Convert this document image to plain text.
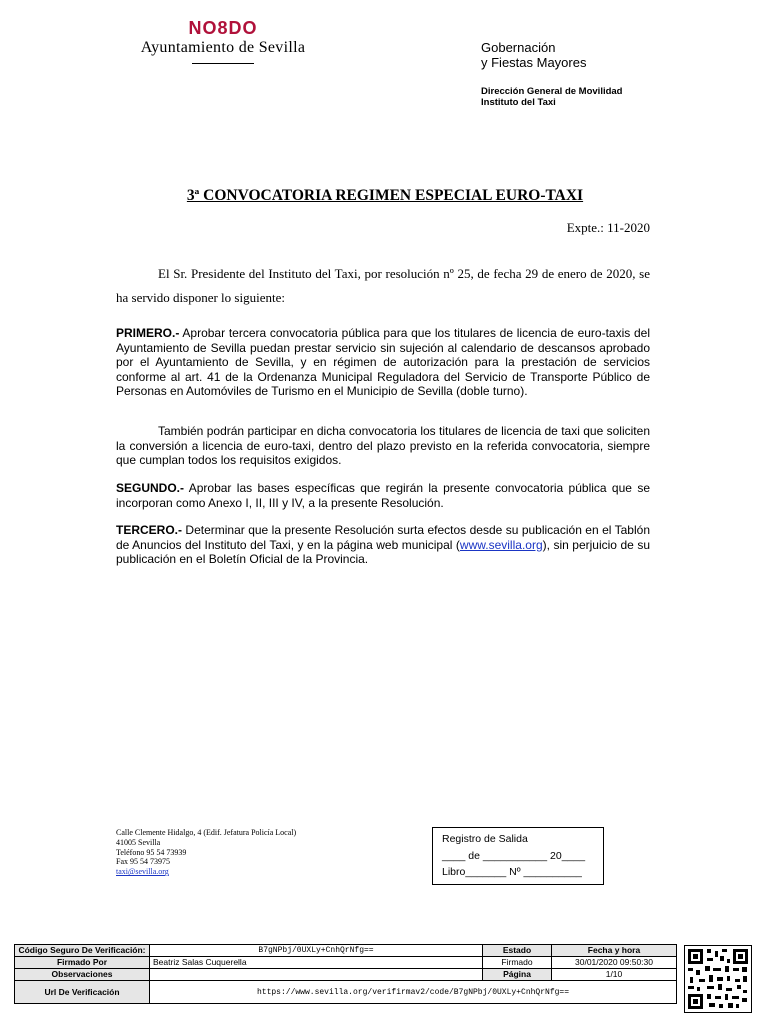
NO8DO
Ayuntamiento de Sevilla	Gobernación
y Fiestas Mayores
Dirección General de Movilidad
Instituto del Taxi
3ª CONVOCATORIA REGIMEN ESPECIAL EURO-TAXI
Expte.: 11-2020
El Sr. Presidente del Instituto del Taxi, por resolución nº 25, de fecha 29 de enero de 2020, se ha servido disponer lo siguiente:
PRIMERO.- Aprobar tercera convocatoria pública para que los titulares de licencia de euro-taxis del Ayuntamiento de Sevilla puedan prestar servicio sin sujeción al calendario de descansos aprobado por el Ayuntamiento de Sevilla, y en régimen de autorización para la prestación de servicios conforme al art. 41 de la Ordenanza Municipal Reguladora del Servicio de Transporte Público de Personas en Automóviles de Turismo en el Municipio de Sevilla (doble turno).
También podrán participar en dicha convocatoria los titulares de licencia de taxi que soliciten la conversión a licencia de euro-taxi, dentro del plazo previsto en la referida convocatoria, siempre que cumplan todos los requisitos exigidos.
SEGUNDO.- Aprobar las bases específicas que regirán la presente convocatoria pública que se incorporan como Anexo I, II, III y IV, a la presente Resolución.
TERCERO.- Determinar que la presente Resolución surta efectos desde su publicación en el Tablón de Anuncios del Instituto del Taxi, y en la página web municipal (www.sevilla.org), sin perjuicio de su publicación en el Boletín Oficial de la Provincia.
Calle Clemente Hidalgo, 4 (Edif. Jefatura Policía Local)
41005 Sevilla
Teléfono 95 54 73939
Fax 95 54 73975
taxi@sevilla.org
Registro de Salida
____ de ___________ 20____
Libro_______ Nº __________
Código Seguro De Verificación:	B7gNPbj/0UXLy+CnhQrNfg==	Estado	Fecha y hora
Firmado Por	Beatriz Salas Cuquerella	Firmado	30/01/2020 09:50:30
Observaciones		Página	1/10
Url De Verificación	https://www.sevilla.org/verifirmav2/code/B7gNPbj/0UXLy+CnhQrNfg==		
